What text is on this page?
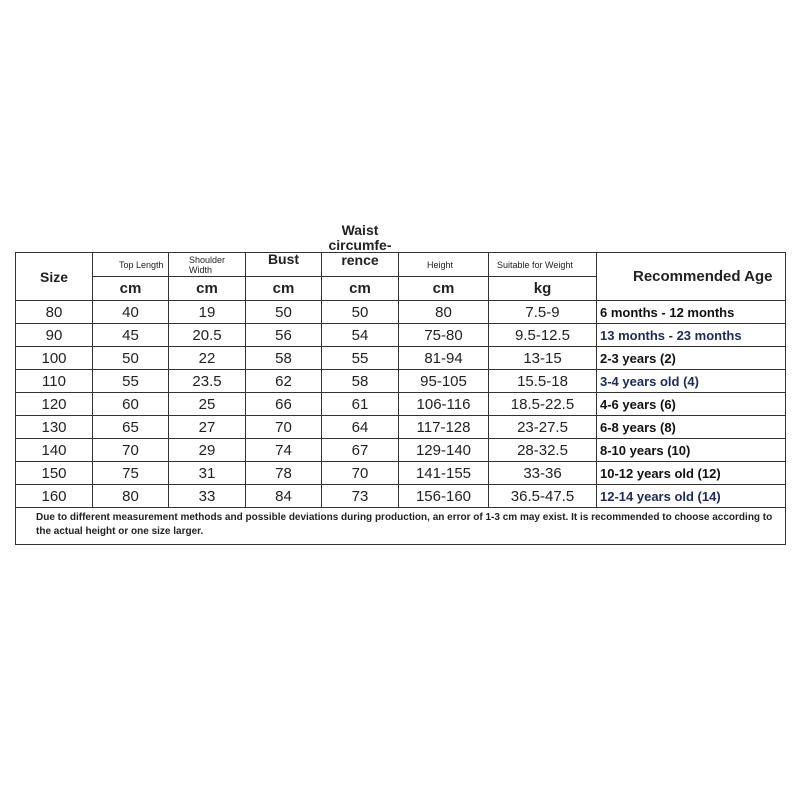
Size	Top Length	Shoulder Width	Bust	Waist circumfe- rence	Height	Suitable for Weight	Recommended Age
	cm	cm	cm	cm	cm	kg	
80	40	19	50	50	80	7.5-9	6 months - 12 months
90	45	20.5	56	54	75-80	9.5-12.5	13 months - 23 months
100	50	22	58	55	81-94	13-15	2-3 years (2)
110	55	23.5	62	58	95-105	15.5-18	3-4 years old (4)
120	60	25	66	61	106-116	18.5-22.5	4-6 years (6)
130	65	27	70	64	117-128	23-27.5	6-8 years (8)
140	70	29	74	67	129-140	28-32.5	8-10 years (10)
150	75	31	78	70	141-155	33-36	10-12 years old (12)
160	80	33	84	73	156-160	36.5-47.5	12-14 years old (14)
Due to different measurement methods and possible deviations during production, an error of 1-3 cm may exist. It is recommended to choose according to the actual height or one size larger.							
